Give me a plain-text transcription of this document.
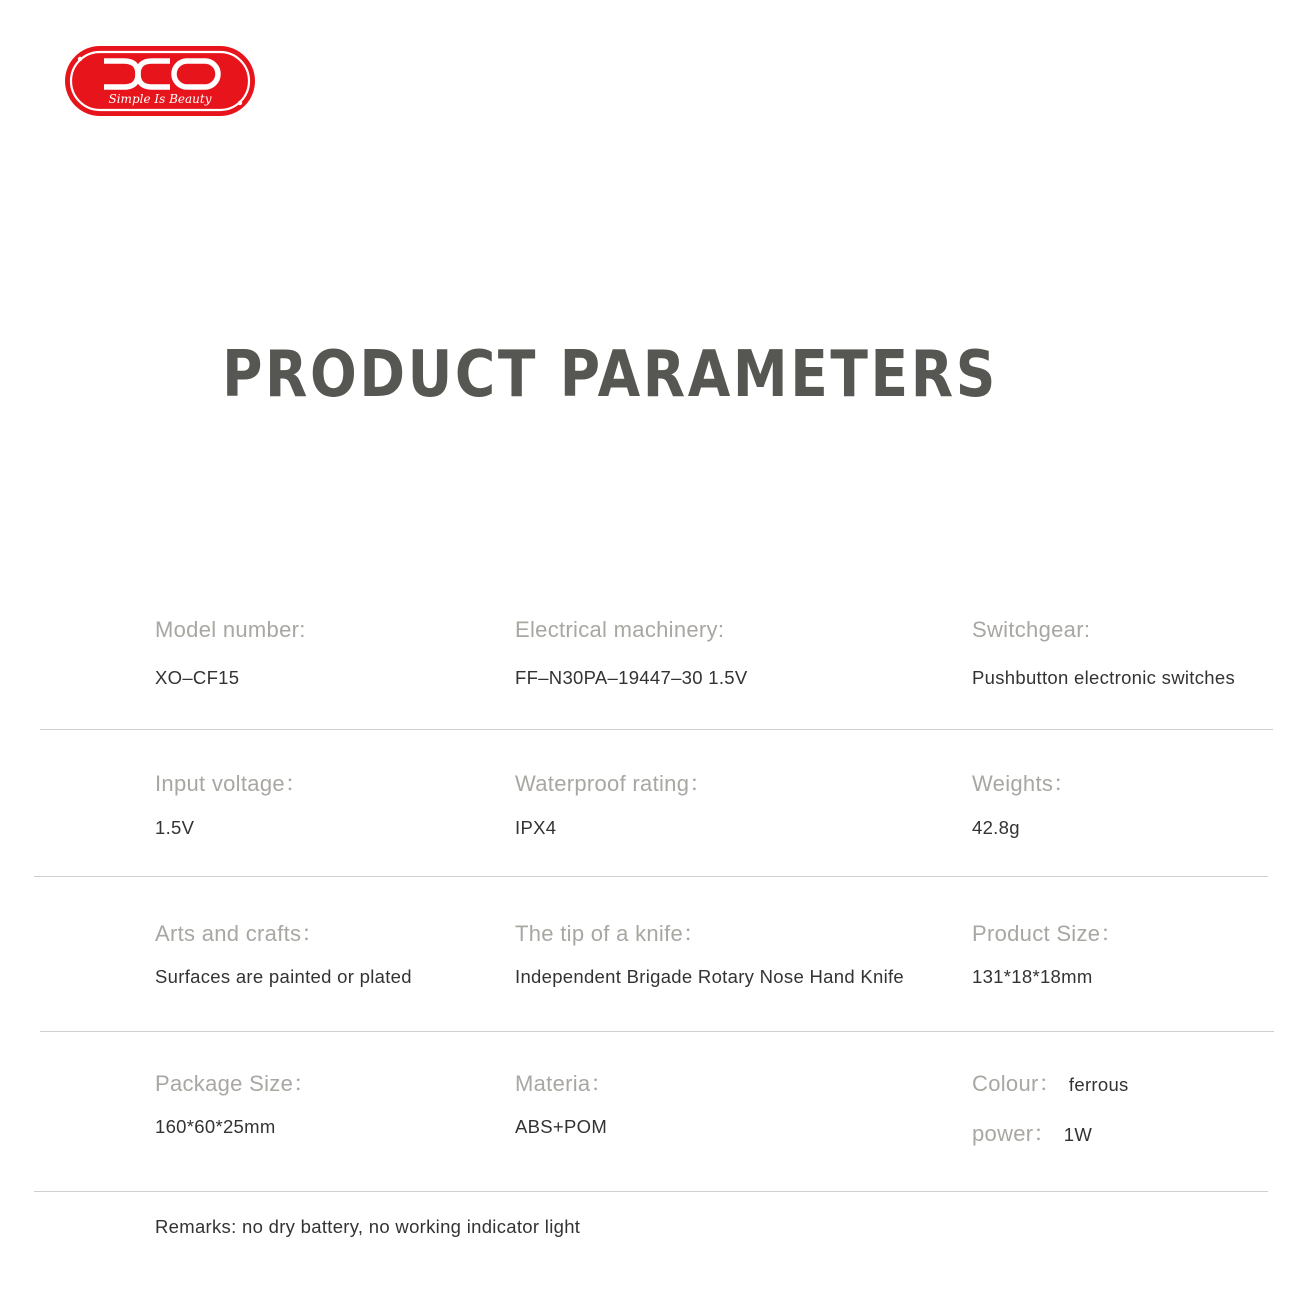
Simple Is Beauty
PRODUCT PARAMETERS
Model number:
XO–CF15
Electrical machinery:
FF–N30PA–19447–30 1.5V
Switchgear:
Pushbutton electronic switches
Input voltage：
1.5V
Waterproof rating：
IPX4
Weights：
42.8g
Arts and crafts：
Surfaces are painted or plated
The tip of a knife：
Independent Brigade Rotary Nose Hand Knife
Product Size：
131*18*18mm
Package Size：
160*60*25mm
Materia：
ABS+POM
Colour： ferrous
power： 1W
Remarks: no dry battery, no working indicator light
